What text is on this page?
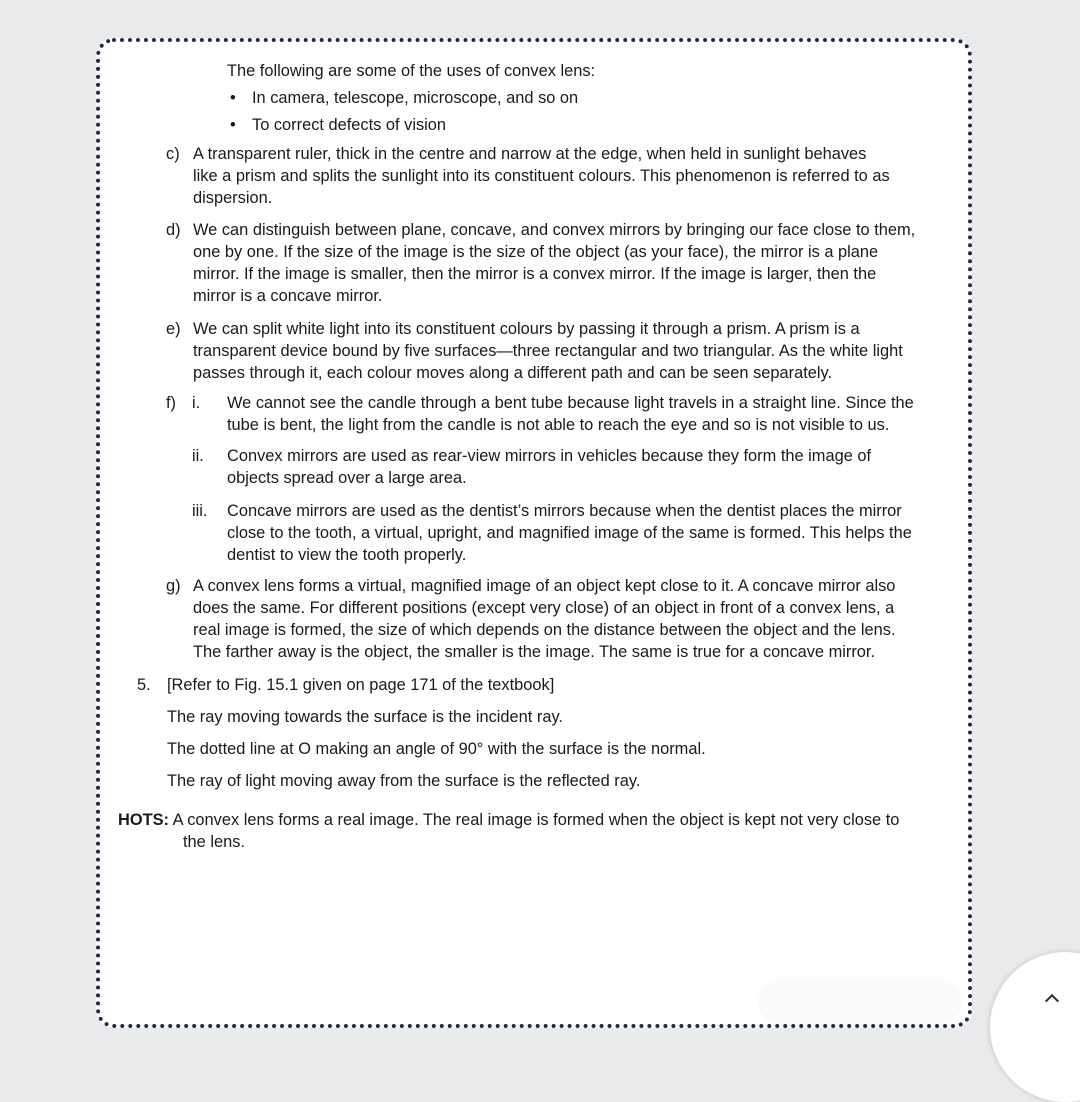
The following are some of the uses of convex lens:

• In camera, telescope, microscope, and so on

• To correct defects of vision

c) A transparent ruler, thick in the centre and narrow at the edge, when held in sunlight behaves
like a prism and splits the sunlight into its constituent colours. This phenomenon is referred to as
dispersion.
d) We can distinguish between plane, concave, and convex mirrors by bringing our face close to them,
one by one. If the size of the image is the size of the object (as your face), the mirror is a plane
mirror. If the image is smaller, then the mirror is a convex mirror. If the image is larger, then the
mirror is a concave mirror.
e) We can split white light into its constituent colours by passing it through a prism. A prism is a
transparent device bound by five surfaces—three rectangular and two triangular. As the white light
passes through it, each colour moves along a different path and can be seen separately.
f) i. We cannot see the candle through a bent tube because light travels in a straight line. Since the
tube is bent, the light from the candle is not able to reach the eye and so is not visible to us.
ii. Convex mirrors are used as rear-view mirrors in vehicles because they form the image of
objects spread over a large area.
iii. Concave mirrors are used as the dentist’s mirrors because when the dentist places the mirror
close to the tooth, a virtual, upright, and magnified image of the same is formed. This helps the
dentist to view the tooth properly.
g) A convex lens forms a virtual, magnified image of an object kept close to it. A concave mirror also
does the same. For different positions (except very close) of an object in front of a convex lens, a
real image is formed, the size of which depends on the distance between the object and the lens.
The farther away is the object, the smaller is the image. The same is true for a concave mirror.
5. [Refer to Fig. 15.1 given on page 171 of the textbook]

The ray moving towards the surface is the incident ray.

The dotted line at O making an angle of 90° with the surface is the normal.

The ray of light moving away from the surface is the reflected ray.

HOTS: A convex lens forms a real image. The real image is formed when the object is kept not very close to
the lens.
